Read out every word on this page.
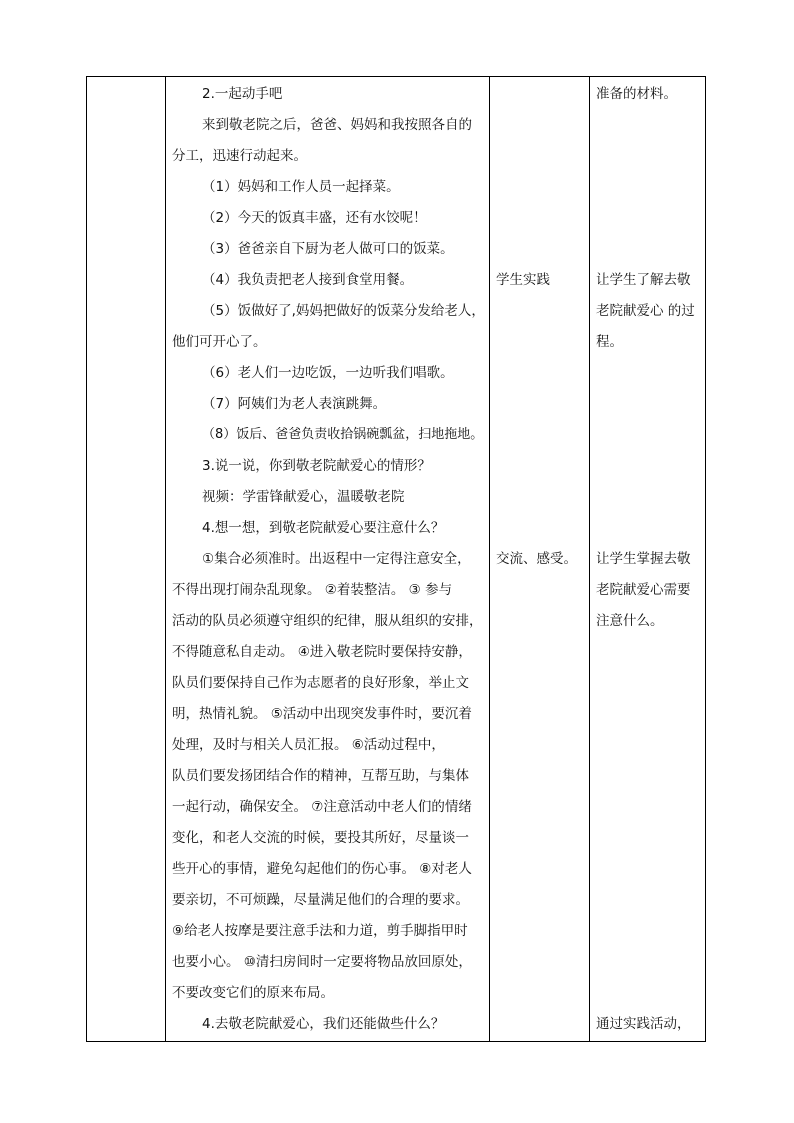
2.一起动手吧
来到敬老院之后，爸爸、妈妈和我按照各自的
分工，迅速行动起来。
（1）妈妈和工作人员一起择菜。
（2）今天的饭真丰盛，还有水饺呢！
（3）爸爸亲自下厨为老人做可口的饭菜。
（4）我负责把老人接到食堂用餐。
（5）饭做好了,妈妈把做好的饭菜分发给老人，
他们可开心了。
（6）老人们一边吃饭，一边听我们唱歌。
（7）阿姨们为老人表演跳舞。
（8）饭后、爸爸负责收拾锅碗瓢盆，扫地拖地。
3.说一说，你到敬老院献爱心的情形？
视频：学雷锋献爱心，温暖敬老院
4.想一想，到敬老院献爱心要注意什么？
①集合必须准时。出返程中一定得注意安全，
不得出现打闹杂乱现象。 ②着装整洁。 ③ 参与
活动的队员必须遵守组织的纪律，服从组织的安排，
不得随意私自走动。 ④进入敬老院时要保持安静，
队员们要保持自己作为志愿者的良好形象，举止文
明，热情礼貌。 ⑤活动中出现突发事件时，要沉着
处理，及时与相关人员汇报。 ⑥活动过程中，
队员们要发扬团结合作的精神，互帮互助，与集体
一起行动，确保安全。 ⑦注意活动中老人们的情绪
变化，和老人交流的时候，要投其所好，尽量谈一
些开心的事情，避免勾起他们的伤心事。 ⑧对老人
要亲切，不可烦躁，尽量满足他们的合理的要求。
⑨给老人按摩是要注意手法和力道，剪手脚指甲时
也要小心。 ⑩清扫房间时一定要将物品放回原处，
不要改变它们的原来布局。
4.去敬老院献爱心，我们还能做些什么？
学生实践
交流、感受。
准备的材料。
让学生了解去敬
老院献爱心 的过
程。
让学生掌握去敬
老院献爱心需要
注意什么。
通过实践活动，
